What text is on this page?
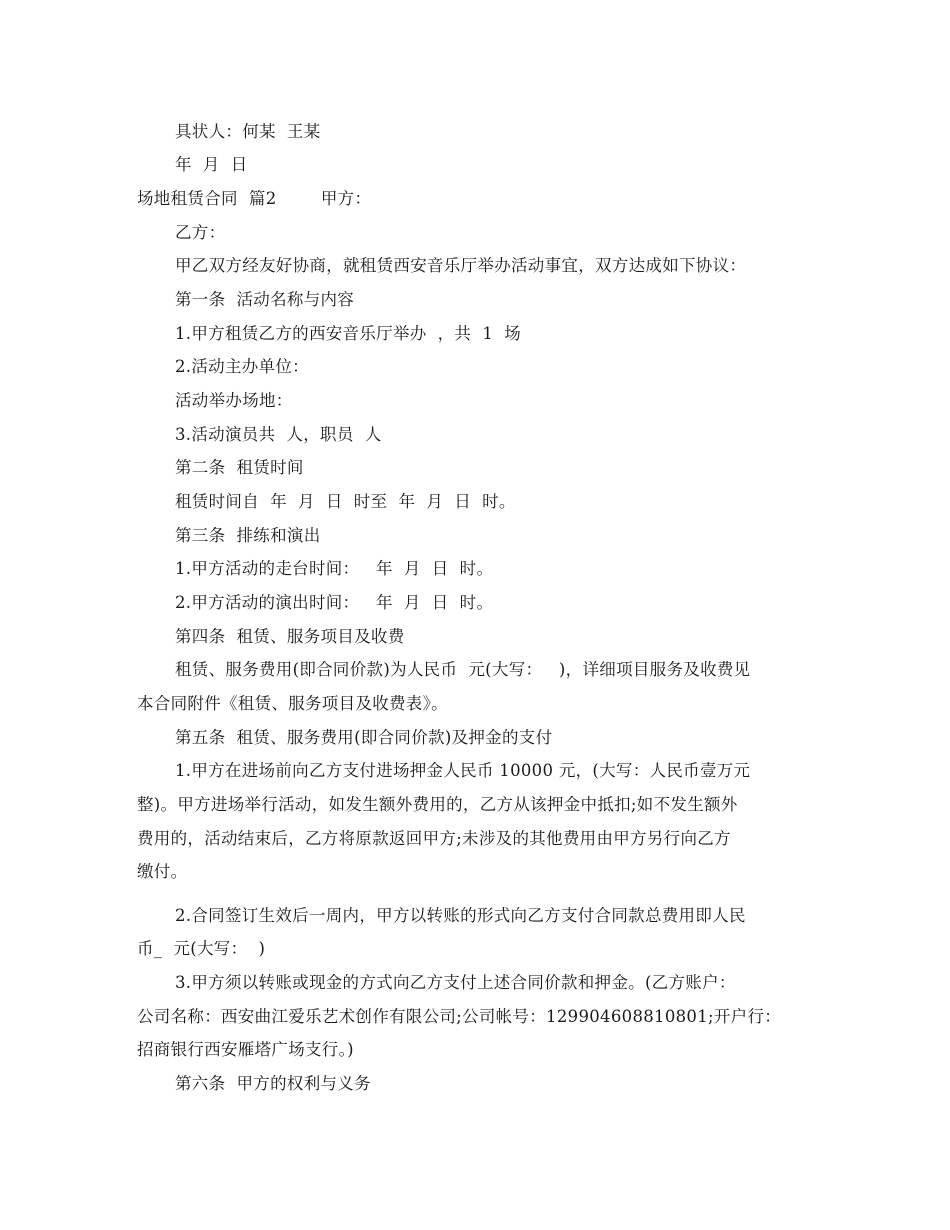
具状人：何某  王某
年  月  日
场地租赁合同  篇2        甲方：
乙方：
甲乙双方经友好协商，就租赁西安音乐厅举办活动事宜，双方达成如下协议：
第一条  活动名称与内容
1.甲方租赁乙方的西安音乐厅举办  ，共  1  场
2.活动主办单位：
活动举办场地：
3.活动演员共  人，职员  人
第二条  租赁时间
租赁时间自  年  月  日  时至  年  月  日  时。
第三条  排练和演出
1.甲方活动的走台时间：   年  月  日  时。
2.甲方活动的演出时间：   年  月  日  时。
第四条  租赁、服务项目及收费
租赁、服务费用(即合同价款)为人民币  元(大写：   )，详细项目服务及收费见
本合同附件《租赁、服务项目及收费表》。
第五条  租赁、服务费用(即合同价款)及押金的支付
1.甲方在进场前向乙方支付进场押金人民币 10000 元，(大写：人民币壹万元
整)。甲方进场举行活动，如发生额外费用的，乙方从该押金中抵扣;如不发生额外
费用的，活动结束后，乙方将原款返回甲方;未涉及的其他费用由甲方另行向乙方
缴付。
2.合同签订生效后一周内，甲方以转账的形式向乙方支付合同款总费用即人民
币_  元(大写：  )
3.甲方须以转账或现金的方式向乙方支付上述合同价款和押金。(乙方账户：
公司名称：西安曲江爱乐艺术创作有限公司;公司帐号：129904608810801;开户行：
招商银行西安雁塔广场支行。)
第六条  甲方的权利与义务
